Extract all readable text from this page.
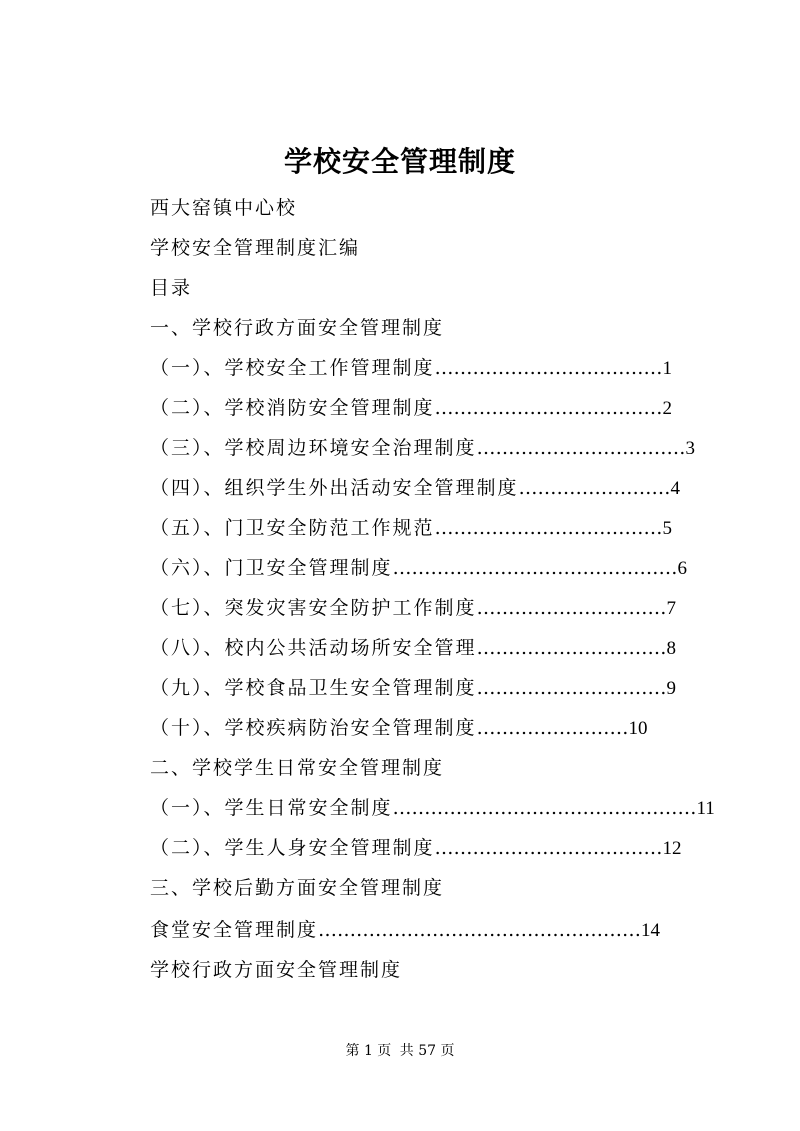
学校安全管理制度
西大窑镇中心校
学校安全管理制度汇编
目录
一、学校行政方面安全管理制度
（一）、学校安全工作管理制度………………………………1
（二）、学校消防安全管理制度………………………………2
（三）、学校周边环境安全治理制度……………………………3
（四）、组织学生外出活动安全管理制度……………………4
（五）、门卫安全防范工作规范………………………………5
（六）、门卫安全管理制度………………………………………6
（七）、突发灾害安全防护工作制度…………………………7
（八）、校内公共活动场所安全管理…………………………8
（九）、学校食品卫生安全管理制度…………………………9
（十）、学校疾病防治安全管理制度……………………10
二、学校学生日常安全管理制度
（一）、学生日常安全制度…………………………………………11
（二）、学生人身安全管理制度………………………………12
三、学校后勤方面安全管理制度
食堂安全管理制度……………………………………………14
学校行政方面安全管理制度
第 1 页 共 57 页
